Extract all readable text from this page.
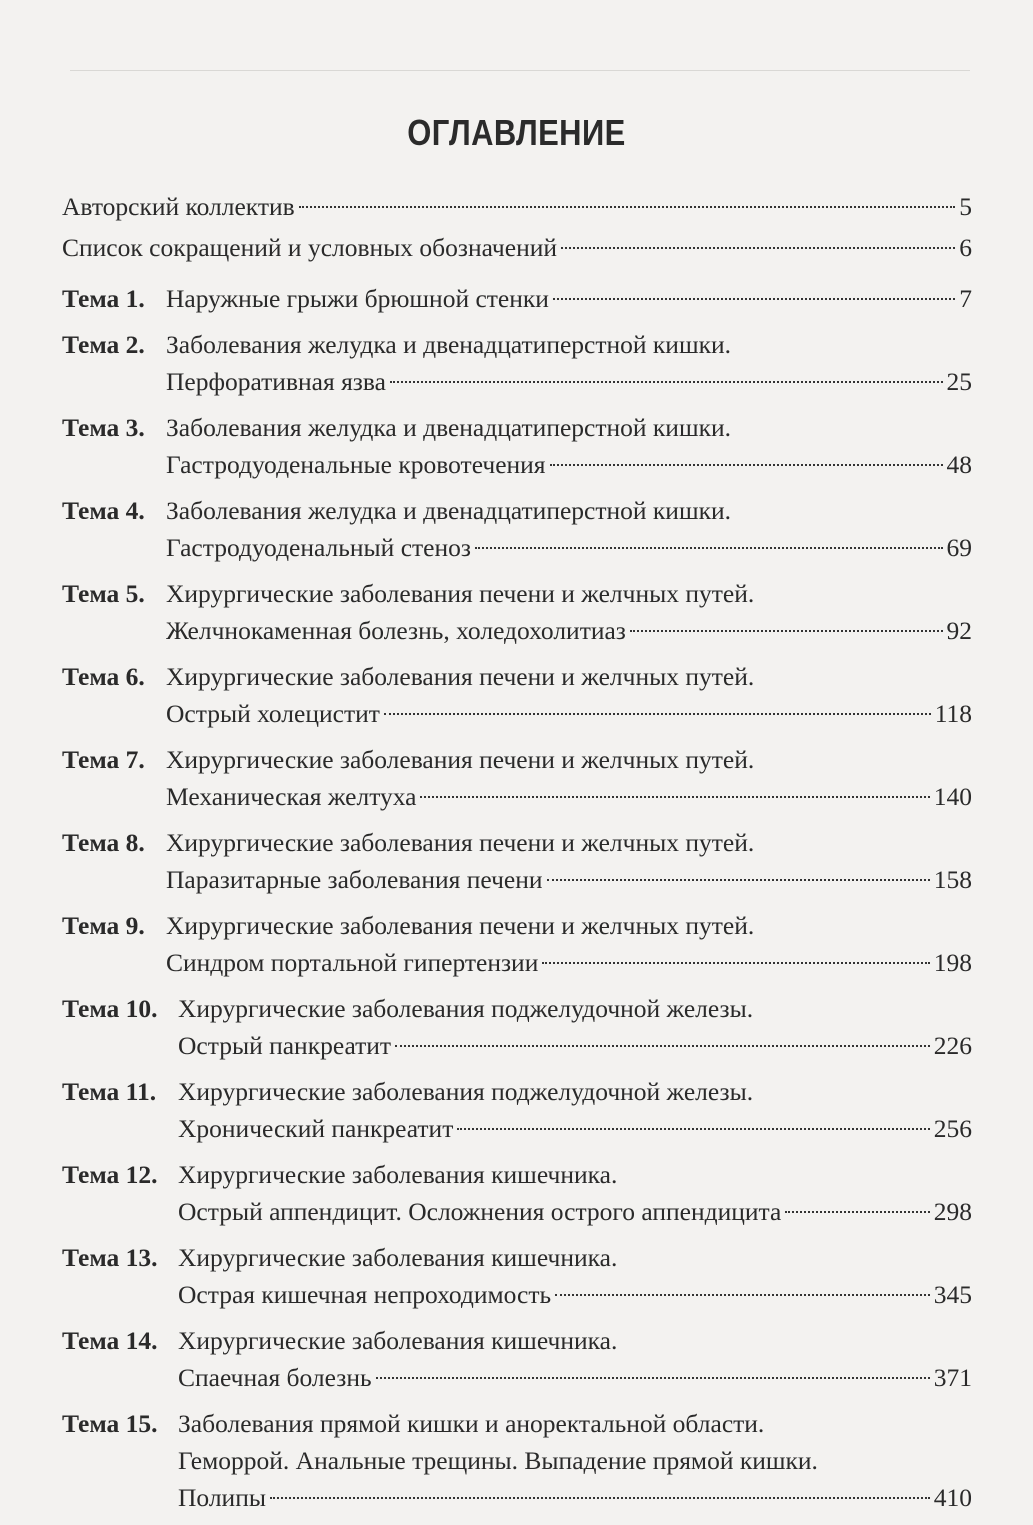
ОГЛАВЛЕНИЕ
Авторский коллектив	5
Список сокращений и условных обозначений	6
Тема 1. Наружные грыжи брюшной стенки	7
Тема 2. Заболевания желудка и двенадцатиперстной кишки.
Перфоративная язва	25
Тема 3. Заболевания желудка и двенадцатиперстной кишки.
Гастродуоденальные кровотечения	48
Тема 4. Заболевания желудка и двенадцатиперстной кишки.
Гастродуоденальный стеноз	69
Тема 5. Хирургические заболевания печени и желчных путей.
Желчнокаменная болезнь, холедохолитиаз	92
Тема 6. Хирургические заболевания печени и желчных путей.
Острый холецистит	118
Тема 7. Хирургические заболевания печени и желчных путей.
Механическая желтуха	140
Тема 8. Хирургические заболевания печени и желчных путей.
Паразитарные заболевания печени	158
Тема 9. Хирургические заболевания печени и желчных путей.
Синдром портальной гипертензии	198
Тема 10. Хирургические заболевания поджелудочной железы.
Острый панкреатит	226
Тема 11. Хирургические заболевания поджелудочной железы.
Хронический панкреатит	256
Тема 12. Хирургические заболевания кишечника.
Острый аппендицит. Осложнения острого аппендицита	298
Тема 13. Хирургические заболевания кишечника.
Острая кишечная непроходимость	345
Тема 14. Хирургические заболевания кишечника.
Спаечная болезнь	371
Тема 15. Заболевания прямой кишки и аноректальной области.
Геморрой. Анальные трещины. Выпадение прямой кишки.
Полипы	410
